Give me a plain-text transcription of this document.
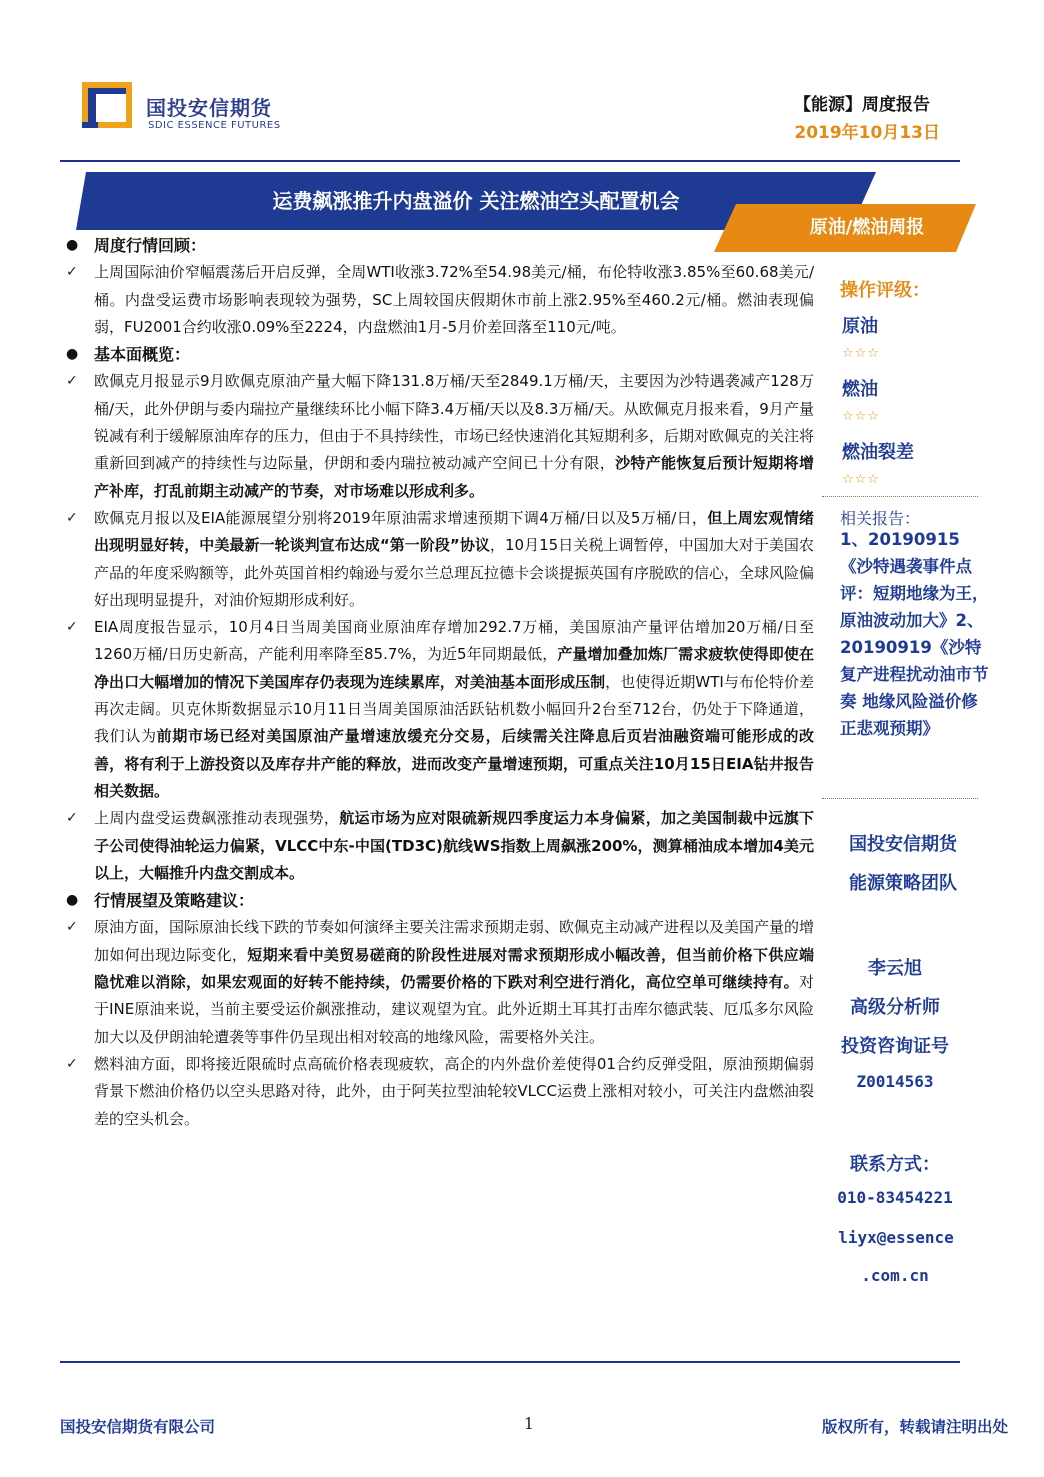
国投安信期货
SDIC ESSENCE FUTURES
【能源】周度报告
2019年10月13日
运费飙涨推升内盘溢价 关注燃油空头配置机会
原油/燃油周报
● 周度行情回顾：
✓ 上周国际油价窄幅震荡后开启反弹，全周WTI收涨3.72%至54.98美元/桶，布伦特收涨3.85%至60.68美元/桶。内盘受运费市场影响表现较为强势，SC上周较国庆假期休市前上涨2.95%至460.2元/桶。燃油表现偏弱，FU2001合约收涨0.09%至2224，内盘燃油1月-5月价差回落至110元/吨。
● 基本面概览：
✓ 欧佩克月报显示9月欧佩克原油产量大幅下降131.8万桶/天至2849.1万桶/天，主要因为沙特遇袭减产128万桶/天，此外伊朗与委内瑞拉产量继续环比小幅下降3.4万桶/天以及8.3万桶/天。从欧佩克月报来看，9月产量锐减有利于缓解原油库存的压力，但由于不具持续性，市场已经快速消化其短期利多，后期对欧佩克的关注将重新回到减产的持续性与边际量，伊朗和委内瑞拉被动减产空间已十分有限，沙特产能恢复后预计短期将增产补库，打乱前期主动减产的节奏，对市场难以形成利多。
✓ 欧佩克月报以及EIA能源展望分别将2019年原油需求增速预期下调4万桶/日以及5万桶/日，但上周宏观情绪出现明显好转，中美最新一轮谈判宣布达成“第一阶段”协议，10月15日关税上调暂停，中国加大对于美国农产品的年度采购额等，此外英国首相约翰逊与爱尔兰总理瓦拉德卡会谈提振英国有序脱欧的信心，全球风险偏好出现明显提升，对油价短期形成利好。
✓ EIA周度报告显示，10月4日当周美国商业原油库存增加292.7万桶，美国原油产量评估增加20万桶/日至1260万桶/日历史新高，产能利用率降至85.7%，为近5年同期最低，产量增加叠加炼厂需求疲软使得即使在净出口大幅增加的情况下美国库存仍表现为连续累库，对美油基本面形成压制，也使得近期WTI与布伦特价差再次走阔。贝克休斯数据显示10月11日当周美国原油活跃钻机数小幅回升2台至712台，仍处于下降通道，我们认为前期市场已经对美国原油产量增速放缓充分交易，后续需关注降息后页岩油融资端可能形成的改善，将有利于上游投资以及库存井产能的释放，进而改变产量增速预期，可重点关注10月15日EIA钻井报告相关数据。
✓ 上周内盘受运费飙涨推动表现强势，航运市场为应对限硫新规四季度运力本身偏紧，加之美国制裁中远旗下子公司使得油轮运力偏紧，VLCC中东-中国(TD3C)航线WS指数上周飙涨200%，测算桶油成本增加4美元以上，大幅推升内盘交割成本。
● 行情展望及策略建议：
✓ 原油方面，国际原油长线下跌的节奏如何演绎主要关注需求预期走弱、欧佩克主动减产进程以及美国产量的增加如何出现边际变化，短期来看中美贸易磋商的阶段性进展对需求预期形成小幅改善，但当前价格下供应端隐忧难以消除，如果宏观面的好转不能持续，仍需要价格的下跌对利空进行消化，高位空单可继续持有。对于INE原油来说，当前主要受运价飙涨推动，建议观望为宜。此外近期土耳其打击库尔德武装、厄瓜多尔风险加大以及伊朗油轮遭袭等事件仍呈现出相对较高的地缘风险，需要格外关注。
✓ 燃料油方面，即将接近限硫时点高硫价格表现疲软，高企的内外盘价差使得01合约反弹受阻，原油预期偏弱背景下燃油价格仍以空头思路对待，此外，由于阿芙拉型油轮较VLCC运费上涨相对较小，可关注内盘燃油裂差的空头机会。
操作评级：
原油
☆☆☆
燃油
☆☆☆
燃油裂差
☆☆☆
相关报告：
1、20190915《沙特遇袭事件点评：短期地缘为王，原油波动加大》2、20190919《沙特复产进程扰动油市节奏 地缘风险溢价修正悲观预期》
国投安信期货
能源策略团队
李云旭
高级分析师
投资咨询证号
Z0014563
联系方式：
010-83454221
liyx@essence
.com.cn
国投安信期货有限公司	1	版权所有，转载请注明出处
